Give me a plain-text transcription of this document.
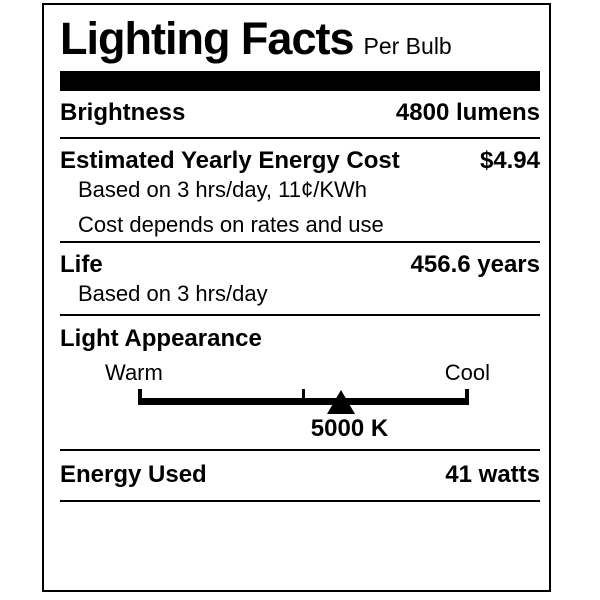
Lighting Facts Per Bulb
Brightness	4800 lumens
Estimated Yearly Energy Cost	$4.94
Based on 3 hrs/day, 11¢/KWh
Cost depends on rates and use
Life	456.6 years
Based on 3 hrs/day
Light Appearance
Warm	Cool
5000 K
Energy Used	41 watts
